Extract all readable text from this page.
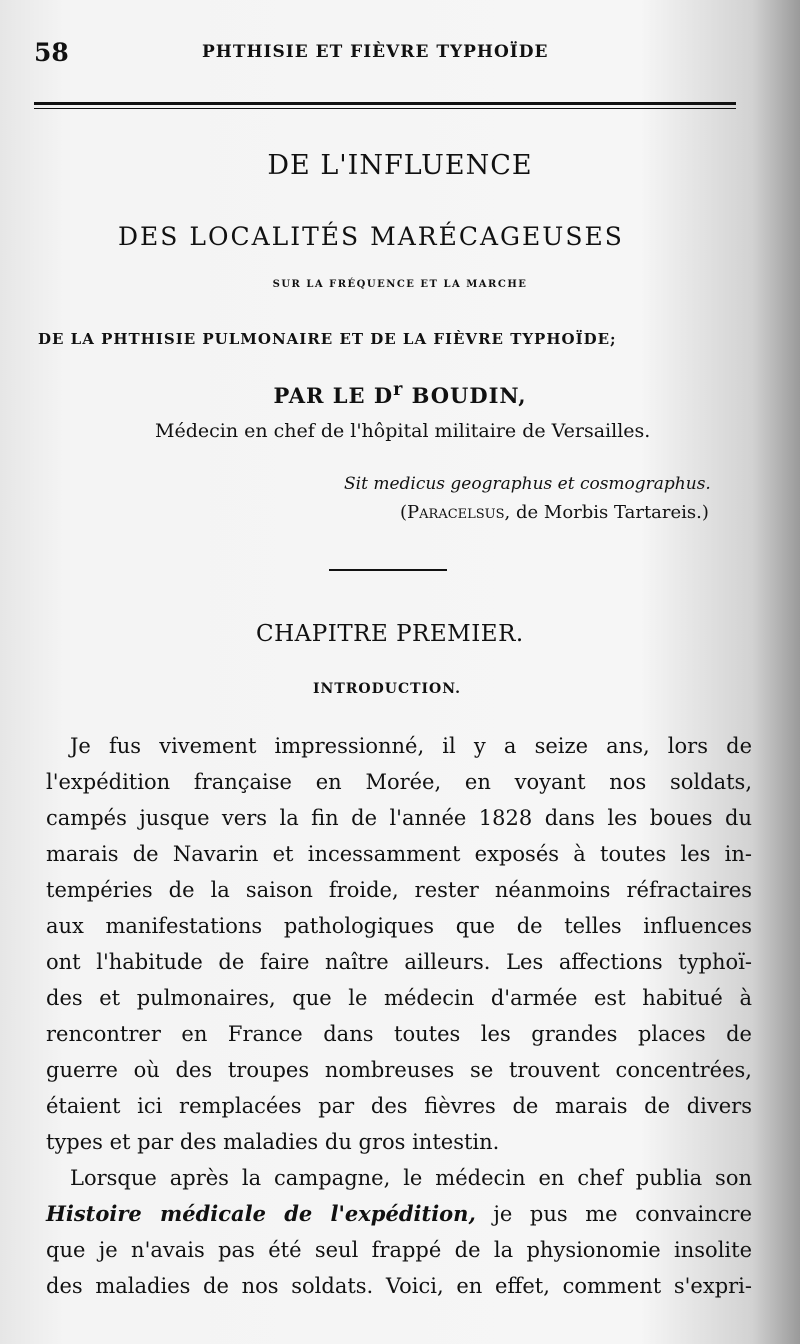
58	PHTHISIE ET FIÈVRE TYPHOÏDE
DE L'INFLUENCE
DES LOCALITÉS MARÉCAGEUSES
SUR LA FRÉQUENCE ET LA MARCHE
DE LA PHTHISIE PULMONAIRE ET DE LA FIÈVRE TYPHOÏDE;
PAR LE $D^r$ BOUDIN,
Médecin en chef de l'hôpital militaire de Versailles.
Sit medicus geographus et cosmographus.
(Paracelsus, de Morbis Tartareis.)
CHAPITRE PREMIER.
INTRODUCTION.
Je fus vivement impressionné, il y a seize ans, lors de
l'expédition française en Morée, en voyant nos soldats,
campés jusque vers la fin de l'année 1828 dans les boues du
marais de Navarin et incessamment exposés à toutes les in-
tempéries de la saison froide, rester néanmoins réfractaires
aux manifestations pathologiques que de telles influences
ont l'habitude de faire naître ailleurs. Les affections typhoï-
des et pulmonaires, que le médecin d'armée est habitué à
rencontrer en France dans toutes les grandes places de
guerre où des troupes nombreuses se trouvent concentrées,
étaient ici remplacées par des fièvres de marais de divers
types et par des maladies du gros intestin.
Lorsque après la campagne, le médecin en chef publia son
Histoire médicale de l'expédition, je pus me convaincre
que je n'avais pas été seul frappé de la physionomie insolite
des maladies de nos soldats. Voici, en effet, comment s'expri-
